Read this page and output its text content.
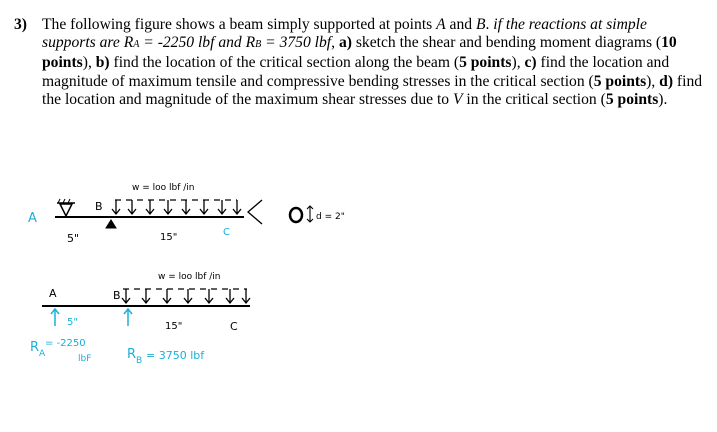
3) The following figure shows a beam simply supported at points A and B. if the reactions at simple supports are RA = -2250 lbf and RB = 3750 lbf, a) sketch the shear and bending moment diagrams (10 points), b) find the location of the critical section along the beam (5 points), c) find the location and magnitude of maximum tensile and compressive bending stresses in the critical section (5 points), d) find the location and magnitude of the maximum shear stresses due to V in the critical section (5 points).
w = loo lbf /in
A
B
C
5"	15"
d = 2"
w = loo lbf /in
A	B
C
5"	15"
$R_A$
= -2250
lbF	$R_B = 3750$ lbf
